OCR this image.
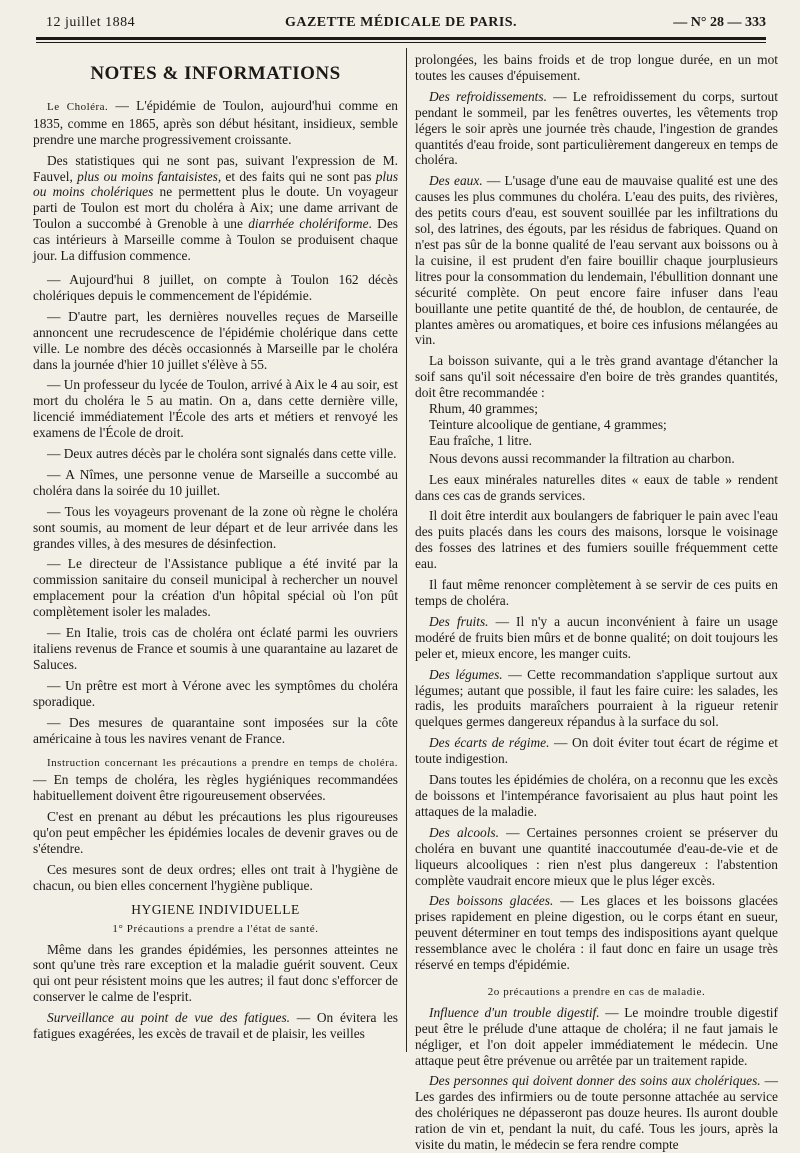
12 juillet 1884	GAZETTE MÉDICALE DE PARIS.	— N° 28 — 333
NOTES & INFORMATIONS

Le Choléra. — L'épidémie de Toulon, aujourd'hui comme en 1835, comme en 1865, après son début hésitant, insidieux, semble prendre une marche progressivement croissante.

Des statistiques qui ne sont pas, suivant l'expression de M. Fauvel, plus ou moins fantaisistes, et des faits qui ne sont pas plus ou moins cholériques ne permettent plus le doute. Un voyageur parti de Toulon est mort du choléra à Aix; une dame arrivant de Toulon a succombé à Grenoble à une diarrhée cholériforme. Des cas intérieurs à Marseille comme à Toulon se produisent chaque jour. La diffusion commence.

— Aujourd'hui 8 juillet, on compte à Toulon 162 décès cholériques depuis le commencement de l'épidémie.

— D'autre part, les dernières nouvelles reçues de Marseille annoncent une recrudescence de l'épidémie cholérique dans cette ville. Le nombre des décès occasionnés à Marseille par le choléra dans la journée d'hier 10 juillet s'élève à 55.

— Un professeur du lycée de Toulon, arrivé à Aix le 4 au soir, est mort du choléra le 5 au matin. On a, dans cette dernière ville, licencié immédiatement l'École des arts et métiers et renvoyé les examens de l'École de droit.

— Deux autres décès par le choléra sont signalés dans cette ville.

— A Nîmes, une personne venue de Marseille a succombé au choléra dans la soirée du 10 juillet.

— Tous les voyageurs provenant de la zone où règne le choléra sont soumis, au moment de leur départ et de leur arrivée dans les grandes villes, à des mesures de désinfection.

— Le directeur de l'Assistance publique a été invité par la commission sanitaire du conseil municipal à rechercher un nouvel emplacement pour la création d'un hôpital spécial où l'on pût complètement isoler les malades.

— En Italie, trois cas de choléra ont éclaté parmi les ouvriers italiens revenus de France et soumis à une quarantaine au lazaret de Saluces.

— Un prêtre est mort à Vérone avec les symptômes du choléra sporadique.

— Des mesures de quarantaine sont imposées sur la côte américaine à tous les navires venant de France.

Instruction concernant les précautions a prendre en temps de choléra. — En temps de choléra, les règles hygiéniques recommandées habituellement doivent être rigoureusement observées.

C'est en prenant au début les précautions les plus rigoureuses qu'on peut empêcher les épidémies locales de devenir graves ou de s'étendre.

Ces mesures sont de deux ordres; elles ont trait à l'hygiène de chacun, ou bien elles concernent l'hygiène publique.

HYGIENE INDIVIDUELLE
1° Précautions a prendre a l'état de santé.

Même dans les grandes épidémies, les personnes atteintes ne sont qu'une très rare exception et la maladie guérit souvent. Ceux qui ont peur résistent moins que les autres; il faut donc s'efforcer de conserver le calme de l'esprit.

Surveillance au point de vue des fatigues. — On évitera les fatigues exagérées, les excès de travail et de plaisir, les veilles

prolongées, les bains froids et de trop longue durée, en un mot toutes les causes d'épuisement.

Des refroidissements. — Le refroidissement du corps, surtout pendant le sommeil, par les fenêtres ouvertes, les vêtements trop légers le soir après une journée très chaude, l'ingestion de grandes quantités d'eau froide, sont particulièrement dangereux en temps de choléra.

Des eaux. — L'usage d'une eau de mauvaise qualité est une des causes les plus communes du choléra. L'eau des puits, des rivières, des petits cours d'eau, est souvent souillée par les infiltrations du sol, des latrines, des égouts, par les résidus de fabriques. Quand on n'est pas sûr de la bonne qualité de l'eau servant aux boissons ou à la cuisine, il est prudent d'en faire bouillir chaque jourplusieurs litres pour la consommation du lendemain, l'ébullition donnant une sécurité complète. On peut encore faire infuser dans l'eau bouillante une petite quantité de thé, de houblon, de centaurée, de plantes amères ou aromatiques, et boire ces infusions mélangées au vin.

La boisson suivante, qui a le très grand avantage d'étancher la soif sans qu'il soit nécessaire d'en boire de très grandes quantités, doit être recommandée :

Rhum, 40 grammes;

Teinture alcoolique de gentiane, 4 grammes;

Eau fraîche, 1 litre.

Nous devons aussi recommander la filtration au charbon.

Les eaux minérales naturelles dites « eaux de table » rendent dans ces cas de grands services.

Il doit être interdit aux boulangers de fabriquer le pain avec l'eau des puits placés dans les cours des maisons, lorsque le voisinage des fosses des latrines et des fumiers souille fréquemment cette eau.

Il faut même renoncer complètement à se servir de ces puits en temps de choléra.

Des fruits. — Il n'y a aucun inconvénient à faire un usage modéré de fruits bien mûrs et de bonne qualité; on doit toujours les peler et, mieux encore, les manger cuits.

Des légumes. — Cette recommandation s'applique surtout aux légumes; autant que possible, il faut les faire cuire: les salades, les radis, les produits maraîchers pourraient à la rigueur retenir quelques germes dangereux répandus à la surface du sol.

Des écarts de régime. — On doit éviter tout écart de régime et toute indigestion.

Dans toutes les épidémies de choléra, on a reconnu que les excès de boissons et l'intempérance favorisaient au plus haut point les attaques de la maladie.

Des alcools. — Certaines personnes croient se préserver du choléra en buvant une quantité inaccoutumée d'eau-de-vie et de liqueurs alcooliques : rien n'est plus dangereux : l'abstention complète vaudrait encore mieux que le plus léger excès.

Des boissons glacées. — Les glaces et les boissons glacées prises rapidement en pleine digestion, ou le corps étant en sueur, peuvent déterminer en tout temps des indispositions ayant quelque ressemblance avec le choléra : il faut donc en faire un usage très réservé en temps d'épidémie.

2o précautions a prendre en cas de maladie.

Influence d'un trouble digestif. — Le moindre trouble digestif peut être le prélude d'une attaque de choléra; il ne faut jamais le négliger, et l'on doit appeler immédiatement le médecin. Une attaque peut être prévenue ou arrêtée par un traitement rapide.

Des personnes qui doivent donner des soins aux cholériques. — Les gardes des infirmiers ou de toute personne attachée au service des cholériques ne dépasseront pas douze heures. Ils auront double ration de vin et, pendant la nuit, du café. Tous les jours, après la visite du matin, le médecin se fera rendre compte
